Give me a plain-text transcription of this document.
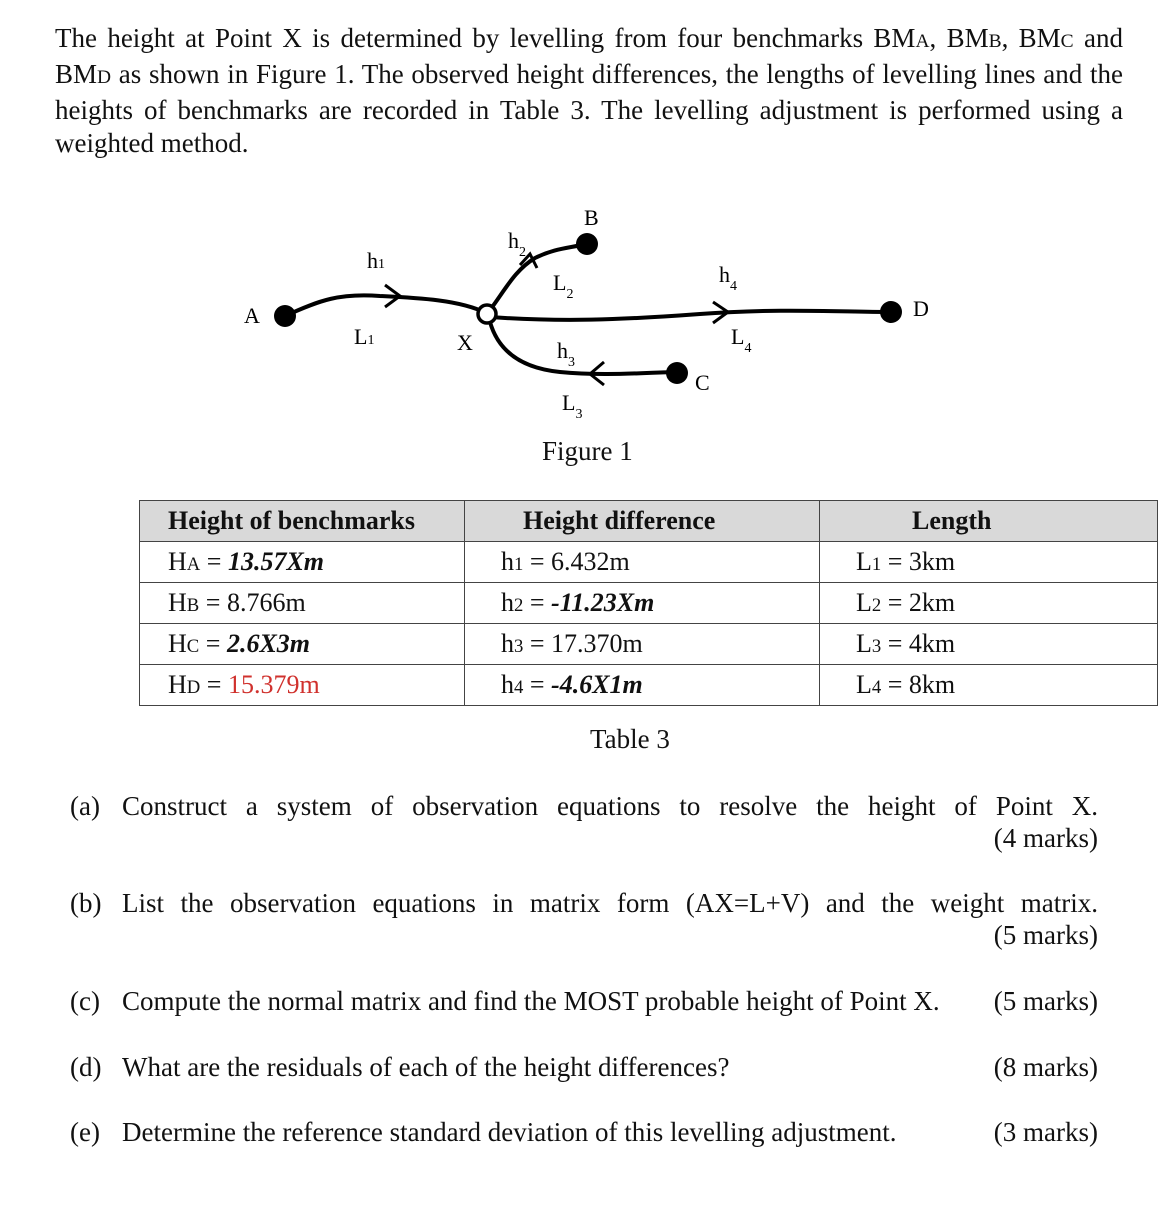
The height at Point X is determined by levelling from four benchmarks BMA, BMB, BMC and BMD as shown in Figure 1. The observed height differences, the lengths of levelling lines and the heights of benchmarks are recorded in Table 3. The levelling adjustment is performed using a weighted method.
A
B
C
D
X
h1
L1
$h_2$
$L_2$
$h_3$
$L_3$
$h_4$
$L_4$
Figure 1
Height of benchmarks	Height difference	Length
HA = 13.57Xm	h1 = 6.432m	L1 = 3km
HB = 8.766m	h2 = -11.23Xm	L2 = 2km
HC = 2.6X3m	h3 = 17.370m	L3 = 4km
HD = 15.379m	h4 = -4.6X1m	L4 = 8km
Table 3
(a) Construct a system of observation equations to resolve the height of Point X.
(4 marks)
(b) List the observation equations in matrix form (AX=L+V) and the weight matrix.
(5 marks)
(c) Compute the normal matrix and find the MOST probable height of Point X. (5 marks)
(d) What are the residuals of each of the height differences?	(8 marks)
(e) Determine the reference standard deviation of this levelling adjustment.	(3 marks)
